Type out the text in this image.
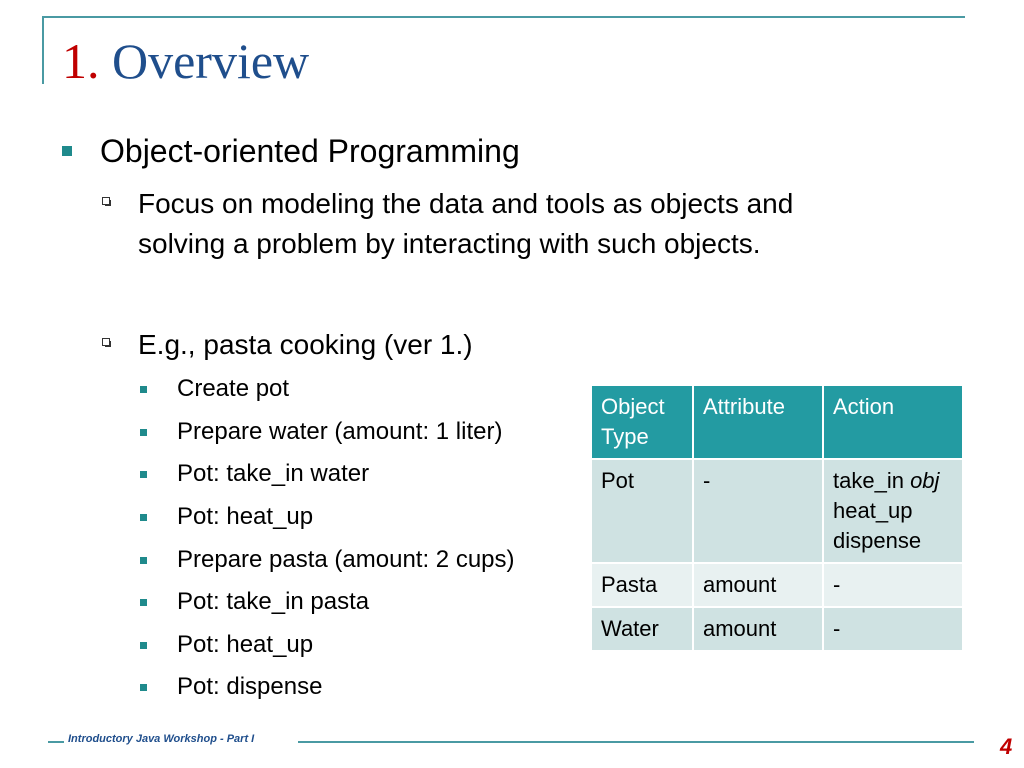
1. Overview
Object-oriented Programming
Focus on modeling the data and tools as objects and
solving a problem by interacting with such objects.
E.g., pasta cooking (ver 1.)
Create pot
Prepare water (amount: 1 liter)
Pot: take_in water
Pot: heat_up
Prepare pasta (amount: 2 cups)
Pot: take_in pasta
Pot: heat_up
Pot: dispense
Object
Type	Attribute	Action
Pot	-	take_in obj
heat_up
dispense
Pasta	amount	-
Water	amount	-
Introductory Java Workshop - Part I	4
